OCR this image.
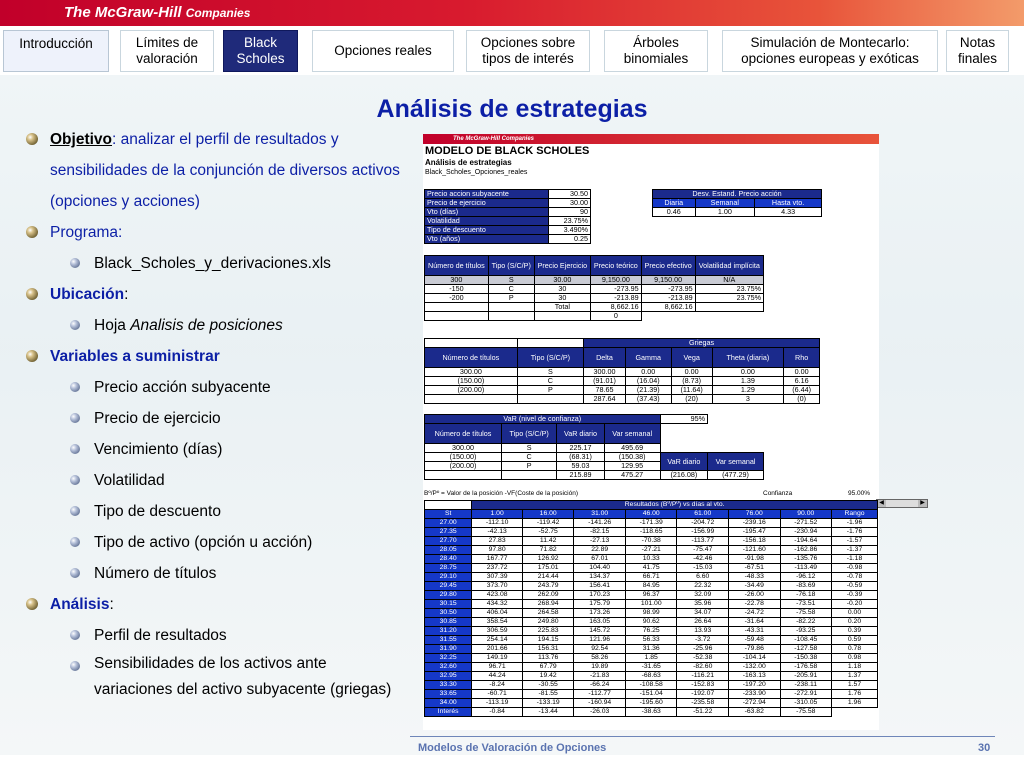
The McGraw-Hill Companies
Introducción	Límites de valoración
Black Scholes
Opciones reales
Opciones sobre tipos de interés
Árboles binomiales
Simulación de Montecarlo: opciones europeas y exóticas
Notas finales
Análisis de estrategias
Objetivo: analizar el perfil de resultados y sensibilidades de la conjunción de diversos activos (opciones y acciones)
Programa:
Black_Scholes_y_derivaciones.xls
Ubicación:
Hoja Analisis de posiciones
Variables a suministrar
Precio acción subyacente
Precio de ejercicio
Vencimiento (días)
Volatilidad
Tipo de descuento
Tipo de activo (opción u acción)
Número de títulos
Análisis:
Perfil de resultados
Sensibilidades de los activos ante variaciones del activo subyacente (griegas)
The McGraw-Hill Companies
MODELO DE BLACK SCHOLES
Análisis de estrategias
Black_Scholes_Opciones_reales
Precio accion subyacente	30.50
Precio de ejercicio	30.00
Vto (días)	90
Volatilidad	23.75%
Tipo de descuento	3.490%
Vto (años)	0.25
Desv. Estand. Precio acción		
Diaria	Semanal	Hasta vto.
0.46	1.00	4.33
Número de títulos	Tipo (S/C/P)	Precio Ejercicio	Precio teórico	Precio efectivo	Volatilidad implícita
300	S	30.00	9,150.00	9,150.00	N/A
-150	C	30	-273.95	-273.95	23.75%
-200	P	30	-213.89	-213.89	23.75%
		Total	8,662.16	8,662.16	
			0		
		Griegas				
Número de títulos	Tipo (S/C/P)	Delta	Gamma	Vega	Theta (diaria)	Rho
300.00	S	300.00	0.00	0.00	0.00	0.00
(150.00)	C	(91.01)	(16.04)	(8.73)	1.39	6.16
(200.00)	P	78.65	(21.39)	(11.64)	1.29	(6.44)
		287.64	(37.43)	(20)	3	(0)
VaR (nivel de confianza)				95%	
Número de títulos	Tipo (S/C/P)	VaR diario	Var semanal		
300.00	S	225.17	495.69		
(150.00)	C	(68.31)	(150.38)	VaR diario	Var semanal
(200.00)	P	59.03	129.95		
		215.89	475.27	(216.08)	(477.29)
Bº/Pº = Valor de la posición -VF(Coste de la posición)	Confianza	95.00%
◀	▶
	Resultados (Bº/Pº) vs días al vto.							
St	1.00	16.00	31.00	46.00	61.00	76.00	90.00	Rango
27.00	-112.10	-119.42	-141.26	-171.39	-204.72	-239.16	-271.52	-1.96
27.35	-42.13	-52.75	-82.15	-118.65	-156.99	-195.47	-230.94	-1.76
27.70	27.83	11.42	-27.13	-70.38	-113.77	-156.18	-194.64	-1.57
28.05	97.80	71.82	22.89	-27.21	-75.47	-121.60	-162.86	-1.37
28.40	167.77	126.92	67.01	10.33	-42.46	-91.98	-135.76	-1.18
28.75	237.72	175.01	104.40	41.75	-15.03	-67.51	-113.49	-0.98
29.10	307.39	214.44	134.37	66.71	6.60	-48.33	-96.12	-0.78
29.45	373.70	243.79	156.41	84.95	22.32	-34.49	-83.69	-0.59
29.80	423.08	262.09	170.23	96.37	32.09	-26.00	-76.18	-0.39
30.15	434.32	268.94	175.79	101.00	35.96	-22.78	-73.51	-0.20
30.50	406.04	264.58	173.26	98.99	34.07	-24.72	-75.58	0.00
30.85	358.54	249.80	163.05	90.62	26.64	-31.64	-82.22	0.20
31.20	306.59	225.83	145.72	76.25	13.93	-43.31	-93.25	0.39
31.55	254.14	194.15	121.96	56.33	-3.72	-59.48	-108.45	0.59
31.90	201.66	156.31	92.54	31.36	-25.96	-79.86	-127.58	0.78
32.25	149.19	113.76	58.26	1.85	-52.38	-104.14	-150.38	0.98
32.60	96.71	67.79	19.89	-31.65	-82.60	-132.00	-176.58	1.18
32.95	44.24	19.42	-21.83	-68.63	-116.21	-163.13	-205.91	1.37
33.30	-8.24	-30.55	-66.24	-108.58	-152.83	-197.20	-238.11	1.57
33.65	-60.71	-81.55	-112.77	-151.04	-192.07	-233.90	-272.91	1.76
34.00	-113.19	-133.19	-160.94	-195.60	-235.58	-272.94	-310.05	1.96
Interés	-0.84	-13.44	-26.03	-38.63	-51.22	-63.82	-75.58	
Modelos de Valoración de Opciones	30
